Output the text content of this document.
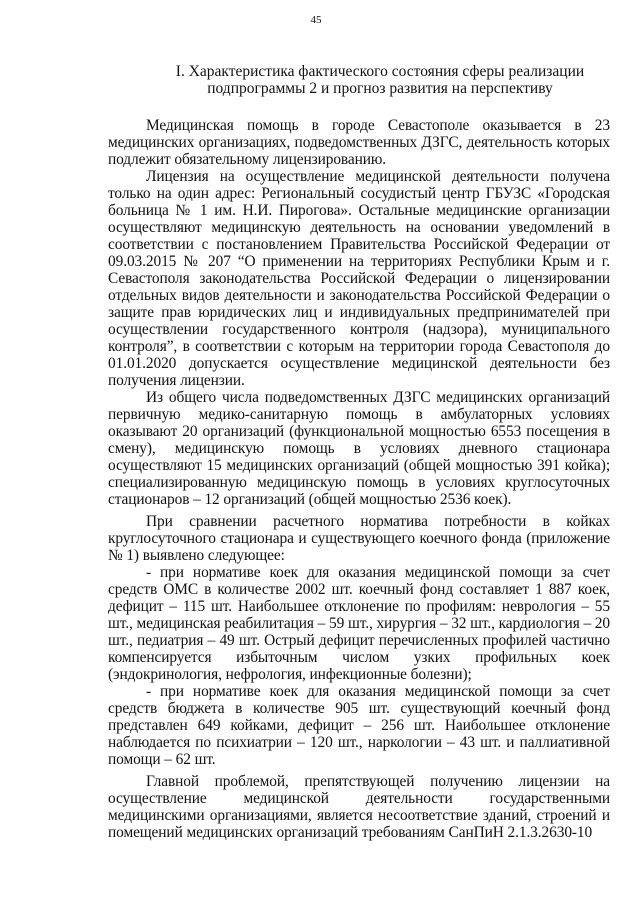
45
I. Характеристика фактического состояния сферы реализации
подпрограммы 2 и прогноз развития на перспективу

Медицинская помощь в городе Севастополе оказывается в 23 медицинских организациях, подведомственных ДЗГС, деятельность которых подлежит обязательному лицензированию.

Лицензия на осуществление медицинской деятельности получена только на один адрес: Региональный сосудистый центр ГБУЗС «Городская больница № 1 им. Н.И. Пирогова». Остальные медицинские организации осуществляют медицинскую деятельность на основании уведомлений в соответствии с постановлением Правительства Российской Федерации от 09.03.2015 № 207 “О применении на территориях Республики Крым и г. Севастополя законодательства Российской Федерации о лицензировании отдельных видов деятельности и законодательства Российской Федерации о защите прав юридических лиц и индивидуальных предпринимателей при осуществлении государственного контроля (надзора), муниципального контроля”, в соответствии с которым на территории города Севастополя до 01.01.2020 допускается осуществление медицинской деятельности без получения лицензии.

Из общего числа подведомственных ДЗГС медицинских организаций первичную медико-санитарную помощь в амбулаторных условиях оказывают 20 организаций (функциональной мощностью 6553 посещения в смену), медицинскую помощь в условиях дневного стационара осуществляют 15 медицинских организаций (общей мощностью 391 койка); специализированную медицинскую помощь в условиях круглосуточных стационаров – 12 организаций (общей мощностью 2536 коек).

При сравнении расчетного норматива потребности в койках круглосуточного стационара и существующего коечного фонда (приложение № 1) выявлено следующее:

- при нормативе коек для оказания медицинской помощи за счет средств ОМС в количестве 2002 шт. коечный фонд составляет 1 887 коек, дефицит – 115 шт. Наибольшее отклонение по профилям: неврология – 55 шт., медицинская реабилитация – 59 шт., хирургия – 32 шт., кардиология – 20 шт., педиатрия – 49 шт. Острый дефицит перечисленных профилей частично компенсируется избыточным числом узких профильных коек (эндокринология, нефрология, инфекционные болезни);

- при нормативе коек для оказания медицинской помощи за счет средств бюджета в количестве 905 шт. существующий коечный фонд представлен 649 койками, дефицит – 256 шт. Наибольшее отклонение наблюдается по психиатрии – 120 шт., наркологии – 43 шт. и паллиативной помощи – 62 шт.

Главной проблемой, препятствующей получению лицензии на осуществление медицинской деятельности государственными медицинскими организациями, является несоответствие зданий, строений и помещений медицинских организаций требованиям СанПиН 2.1.3.2630-10
